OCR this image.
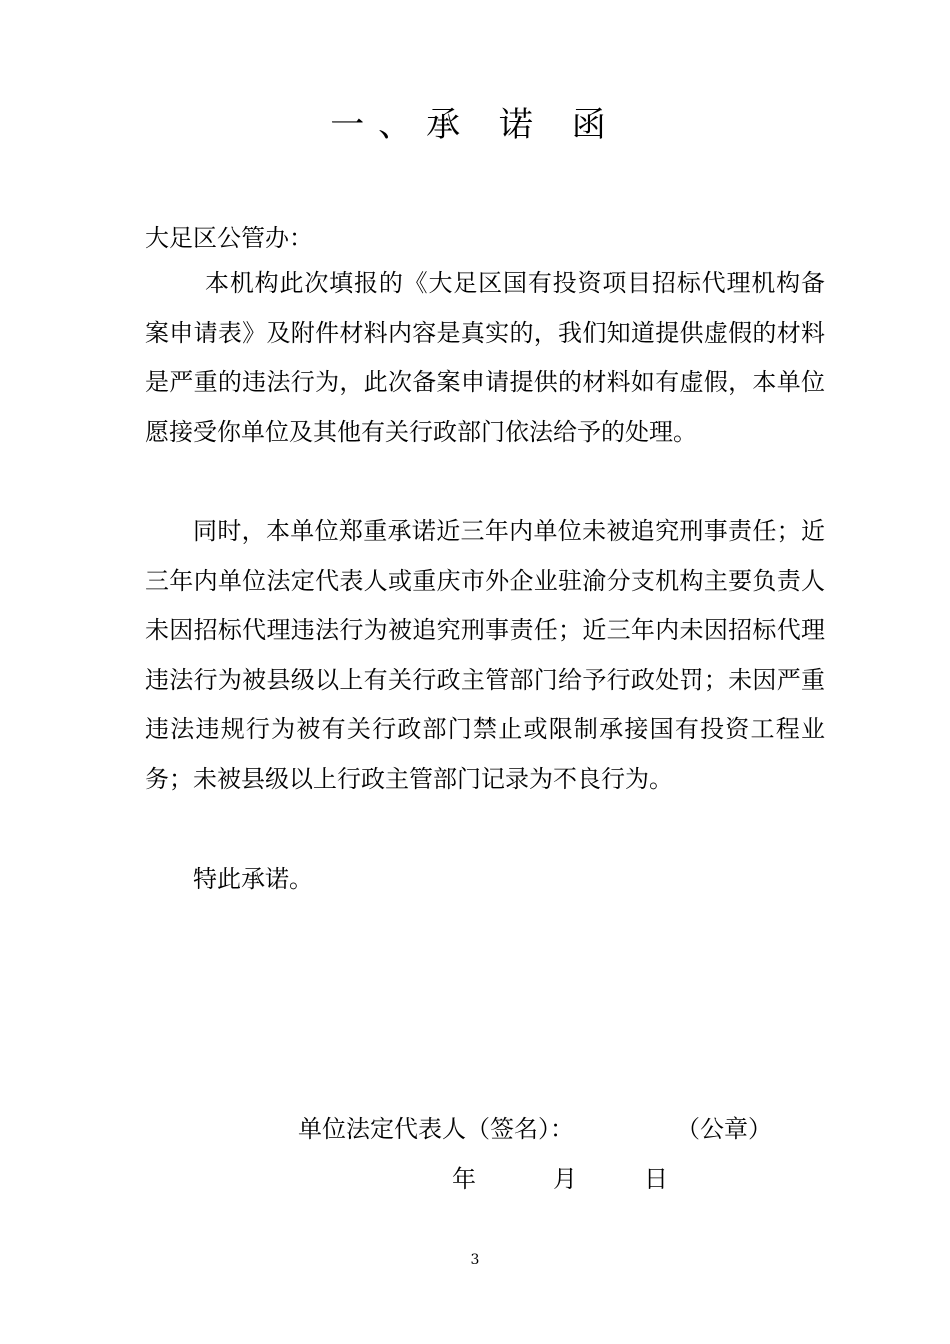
一、承 诺 函
大足区公管办：
本机构此次填报的《大足区国有投资项目招标代理机构备案申请表》及附件材料内容是真实的，我们知道提供虚假的材料是严重的违法行为，此次备案申请提供的材料如有虚假，本单位愿接受你单位及其他有关行政部门依法给予的处理。
同时，本单位郑重承诺近三年内单位未被追究刑事责任；近三年内单位法定代表人或重庆市外企业驻渝分支机构主要负责人未因招标代理违法行为被追究刑事责任；近三年内未因招标代理违法行为被县级以上有关行政主管部门给予行政处罚；未因严重违法违规行为被有关行政部门禁止或限制承接国有投资工程业务；未被县级以上行政主管部门记录为不良行为。
特此承诺。
单位法定代表人（签名）：	（公章）
年	月	日
3
